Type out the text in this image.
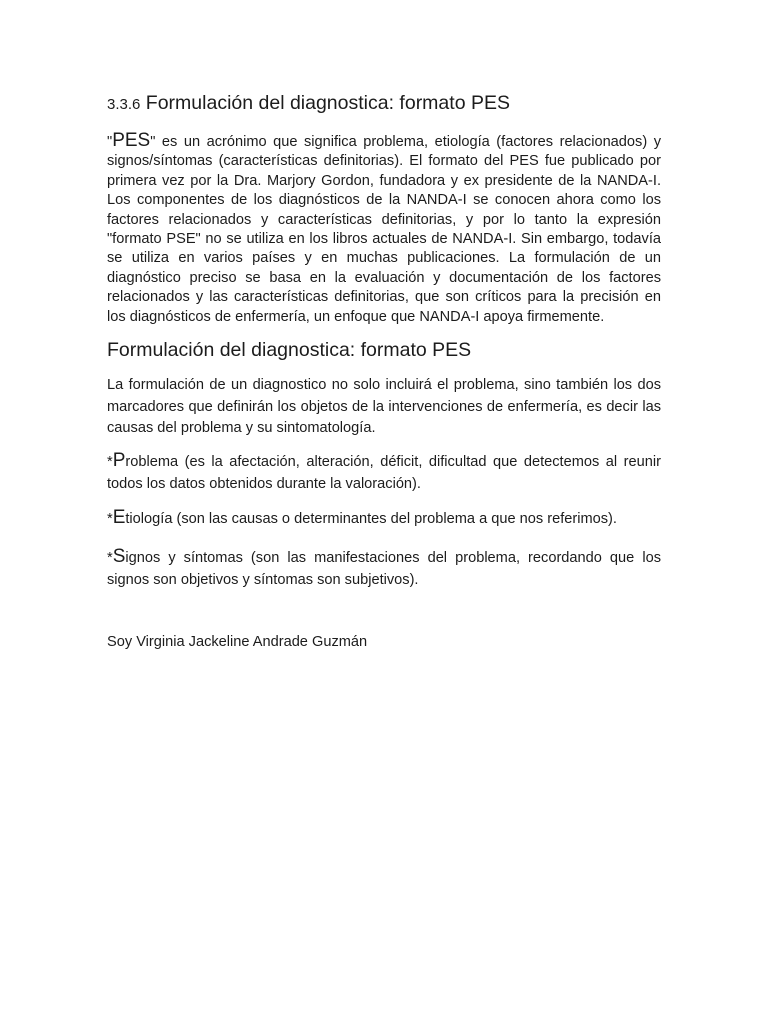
3.3.6 Formulación del diagnostica: formato PES
"PES" es un acrónimo que significa problema, etiología (factores relacionados) y signos/síntomas (características definitorias). El formato del PES fue publicado por primera vez por la Dra. Marjory Gordon, fundadora y ex presidente de la NANDA-I. Los componentes de los diagnósticos de la NANDA-I se conocen ahora como los factores relacionados y características definitorias, y por lo tanto la expresión "formato PSE" no se utiliza en los libros actuales de NANDA-I. Sin embargo, todavía se utiliza en varios países y en muchas publicaciones. La formulación de un diagnóstico preciso se basa en la evaluación y documentación de los factores relacionados y las características definitorias, que son críticos para la precisión en los diagnósticos de enfermería, un enfoque que NANDA-I apoya firmemente.
Formulación del diagnostica: formato PES
La formulación de un diagnostico no solo incluirá el problema, sino también los dos marcadores que definirán los objetos de la intervenciones de enfermería, es decir las causas del problema y su sintomatología.
*Problema (es la afectación, alteración, déficit, dificultad que detectemos al reunir todos los datos obtenidos durante la valoración).
*Etiología (son las causas o determinantes del problema a que nos referimos).
*Signos y síntomas (son las manifestaciones del problema, recordando que los signos son objetivos y síntomas son subjetivos).
Soy Virginia Jackeline Andrade Guzmán
